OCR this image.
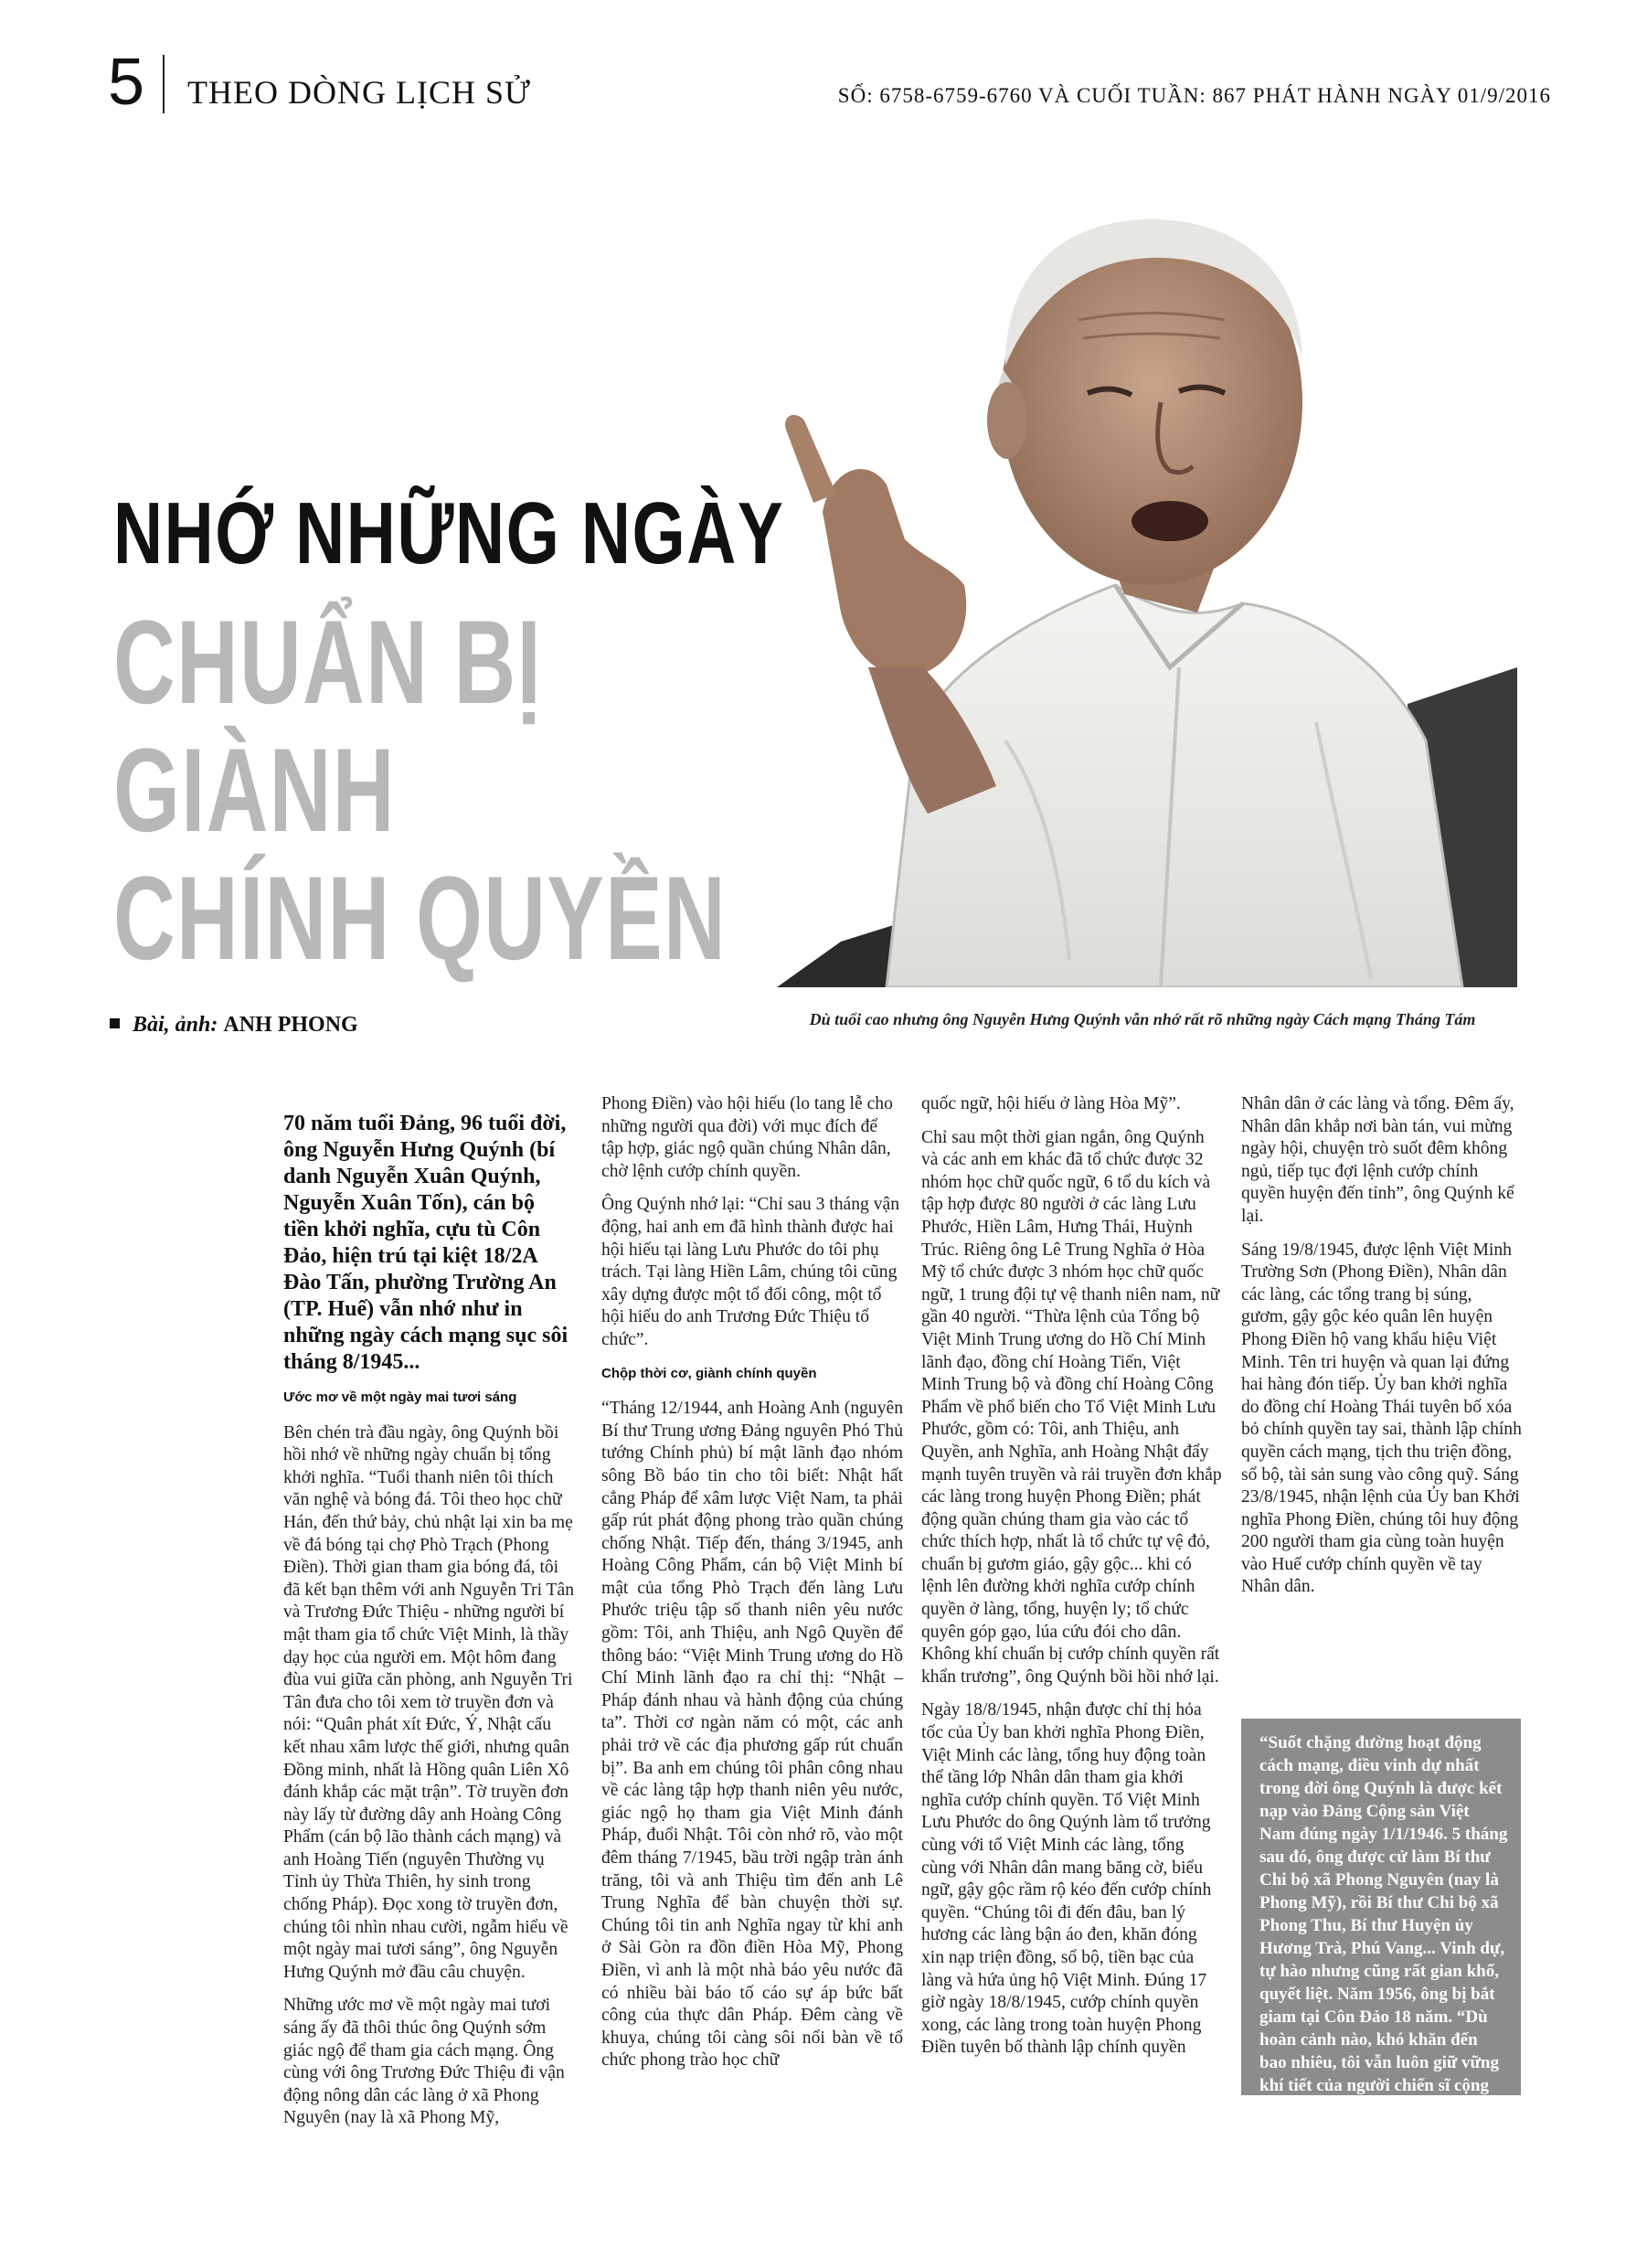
5 THEO DÒNG LỊCH SỬ	SỐ: 6758-6759-6760 VÀ CUỐI TUẦN: 867 PHÁT HÀNH NGÀY 01/9/2016
NHỚ NHỮNG NGÀY
CHUẨN BỊ
GIÀNH
CHÍNH QUYỀN
Bài, ảnh: ANH PHONG	Dù tuổi cao nhưng ông Nguyễn Hưng Quýnh vẫn nhớ rất rõ những ngày Cách mạng Tháng Tám

70 năm tuổi Đảng, 96 tuổi đời, ông Nguyễn Hưng Quýnh (bí danh Nguyễn Xuân Quýnh, Nguyễn Xuân Tốn), cán bộ tiền khởi nghĩa, cựu tù Côn Đảo, hiện trú tại kiệt 18/2A Đào Tấn, phường Trường An (TP. Huế) vẫn nhớ như in những ngày cách mạng sục sôi tháng 8/1945...

Ước mơ về một ngày mai tươi sáng

Bên chén trà đầu ngày, ông Quýnh bồi hồi nhớ về những ngày chuẩn bị tổng khởi nghĩa. “Tuổi thanh niên tôi thích văn nghệ và bóng đá. Tôi theo học chữ Hán, đến thứ bảy, chủ nhật lại xin ba mẹ về đá bóng tại chợ Phò Trạch (Phong Điền). Thời gian tham gia bóng đá, tôi đã kết bạn thêm với anh Nguyễn Tri Tân và Trương Đức Thiệu - những người bí mật tham gia tổ chức Việt Minh, là thầy dạy học của người em. Một hôm đang đùa vui giữa căn phòng, anh Nguyễn Tri Tân đưa cho tôi xem tờ truyền đơn và nói: “Quân phát xít Đức, Ý, Nhật cấu kết nhau xâm lược thế giới, nhưng quân Đồng minh, nhất là Hồng quân Liên Xô đánh khắp các mặt trận”. Tờ truyền đơn này lấy từ đường dây anh Hoàng Công Phẩm (cán bộ lão thành cách mạng) và anh Hoàng Tiến (nguyên Thường vụ Tỉnh ủy Thừa Thiên, hy sinh trong chống Pháp). Đọc xong tờ truyền đơn, chúng tôi nhìn nhau cười, ngẫm hiểu về một ngày mai tươi sáng”, ông Nguyễn Hưng Quýnh mở đầu câu chuyện.

Những ước mơ về một ngày mai tươi sáng ấy đã thôi thúc ông Quýnh sớm giác ngộ để tham gia cách mạng. Ông cùng với ông Trương Đức Thiệu đi vận động nông dân các làng ở xã Phong Nguyên (nay là xã Phong Mỹ,

Phong Điền) vào hội hiếu (lo tang lễ cho những người qua đời) với mục đích để tập hợp, giác ngộ quần chúng Nhân dân, chờ lệnh cướp chính quyền.

Ông Quýnh nhớ lại: “Chỉ sau 3 tháng vận động, hai anh em đã hình thành được hai hội hiếu tại làng Lưu Phước do tôi phụ trách. Tại làng Hiền Lâm, chúng tôi cũng xây dựng được một tổ đối công, một tổ hội hiếu do anh Trương Đức Thiệu tổ chức”.

Chộp thời cơ, giành chính quyền

“Tháng 12/1944, anh Hoàng Anh (nguyên Bí thư Trung ương Đảng nguyên Phó Thủ tướng Chính phủ) bí mật lãnh đạo nhóm sông Bồ báo tin cho tôi biết: Nhật hất cẳng Pháp để xâm lược Việt Nam, ta phải gấp rút phát động phong trào quần chúng chống Nhật. Tiếp đến, tháng 3/1945, anh Hoàng Công Phẩm, cán bộ Việt Minh bí mật của tổng Phò Trạch đến làng Lưu Phước triệu tập số thanh niên yêu nước gồm: Tôi, anh Thiệu, anh Ngô Quyền để thông báo: “Việt Minh Trung ương do Hồ Chí Minh lãnh đạo ra chỉ thị: “Nhật – Pháp đánh nhau và hành động của chúng ta”. Thời cơ ngàn năm có một, các anh phải trở về các địa phương gấp rút chuẩn bị”. Ba anh em chúng tôi phân công nhau về các làng tập hợp thanh niên yêu nước, giác ngộ họ tham gia Việt Minh đánh Pháp, đuổi Nhật. Tôi còn nhớ rõ, vào một đêm tháng 7/1945, bầu trời ngập tràn ánh trăng, tôi và anh Thiệu tìm đến anh Lê Trung Nghĩa để bàn chuyện thời sự. Chúng tôi tin anh Nghĩa ngay từ khi anh ở Sài Gòn ra đồn điền Hòa Mỹ, Phong Điền, vì anh là một nhà báo yêu nước đã có nhiều bài báo tố cáo sự áp bức bất công của thực dân Pháp. Đêm càng về khuya, chúng tôi càng sôi nổi bàn về tổ chức phong trào học chữ

quốc ngữ, hội hiếu ở làng Hòa Mỹ”.

Chỉ sau một thời gian ngắn, ông Quýnh và các anh em khác đã tổ chức được 32 nhóm học chữ quốc ngữ, 6 tổ du kích và tập hợp được 80 người ở các làng Lưu Phước, Hiền Lâm, Hưng Thái, Huỳnh Trúc. Riêng ông Lê Trung Nghĩa ở Hòa Mỹ tổ chức được 3 nhóm học chữ quốc ngữ, 1 trung đội tự vệ thanh niên nam, nữ gần 40 người. “Thừa lệnh của Tổng bộ Việt Minh Trung ương do Hồ Chí Minh lãnh đạo, đồng chí Hoàng Tiến, Việt Minh Trung bộ và đồng chí Hoàng Công Phẩm về phổ biến cho Tổ Việt Minh Lưu Phước, gồm có: Tôi, anh Thiệu, anh Quyền, anh Nghĩa, anh Hoàng Nhật đẩy mạnh tuyên truyền và rải truyền đơn khắp các làng trong huyện Phong Điền; phát động quần chúng tham gia vào các tổ chức thích hợp, nhất là tổ chức tự vệ đỏ, chuẩn bị gươm giáo, gậy gộc... khi có lệnh lên đường khởi nghĩa cướp chính quyền ở làng, tổng, huyện ly; tổ chức quyên góp gạo, lúa cứu đói cho dân. Không khí chuẩn bị cướp chính quyền rất khẩn trương”, ông Quýnh bồi hồi nhớ lại.

Ngày 18/8/1945, nhận được chỉ thị hỏa tốc của Ủy ban khởi nghĩa Phong Điền, Việt Minh các làng, tổng huy động toàn thể tầng lớp Nhân dân tham gia khởi nghĩa cướp chính quyền. Tổ Việt Minh Lưu Phước do ông Quýnh làm tổ trưởng cùng với tổ Việt Minh các làng, tổng cùng với Nhân dân mang băng cờ, biểu ngữ, gậy gộc rầm rộ kéo đến cướp chính quyền. “Chúng tôi đi đến đâu, ban lý hương các làng bận áo đen, khăn đóng xin nạp triện đồng, sổ bộ, tiền bạc của làng và hứa ủng hộ Việt Minh. Đúng 17 giờ ngày 18/8/1945, cướp chính quyền xong, các làng trong toàn huyện Phong Điền tuyên bố thành lập chính quyền

Nhân dân ở các làng và tổng. Đêm ấy, Nhân dân khắp nơi bàn tán, vui mừng ngày hội, chuyện trò suốt đêm không ngủ, tiếp tục đợi lệnh cướp chính quyền huyện đến tỉnh”, ông Quýnh kể lại.

Sáng 19/8/1945, được lệnh Việt Minh Trường Sơn (Phong Điền), Nhân dân các làng, các tổng trang bị súng, gươm, gậy gộc kéo quân lên huyện Phong Điền hộ vang khẩu hiệu Việt Minh. Tên tri huyện và quan lại đứng hai hàng đón tiếp. Ủy ban khởi nghĩa do đồng chí Hoàng Thái tuyên bố xóa bỏ chính quyền tay sai, thành lập chính quyền cách mạng, tịch thu triện đồng, sổ bộ, tài sản sung vào công quỹ. Sáng 23/8/1945, nhận lệnh của Ủy ban Khởi nghĩa Phong Điền, chúng tôi huy động 200 người tham gia cùng toàn huyện vào Huế cướp chính quyền về tay Nhân dân.

“Suốt chặng đường hoạt động cách mạng, điều vinh dự nhất trong đời ông Quýnh là được kết nạp vào Đảng Cộng sản Việt Nam đúng ngày 1/1/1946. 5 tháng sau đó, ông được cử làm Bí thư Chi bộ xã Phong Nguyên (nay là Phong Mỹ), rồi Bí thư Chi bộ xã Phong Thu, Bí thư Huyện ủy Hương Trà, Phú Vang... Vinh dự, tự hào nhưng cũng rất gian khổ, quyết liệt. Năm 1956, ông bị bắt giam tại Côn Đảo 18 năm. “Dù hoàn cảnh nào, khó khăn đến bao nhiêu, tôi vẫn luôn giữ vững khí tiết của người chiến sĩ cộng sản...”, ông Nguyễn Hưng Quýnh thổ lộ.
